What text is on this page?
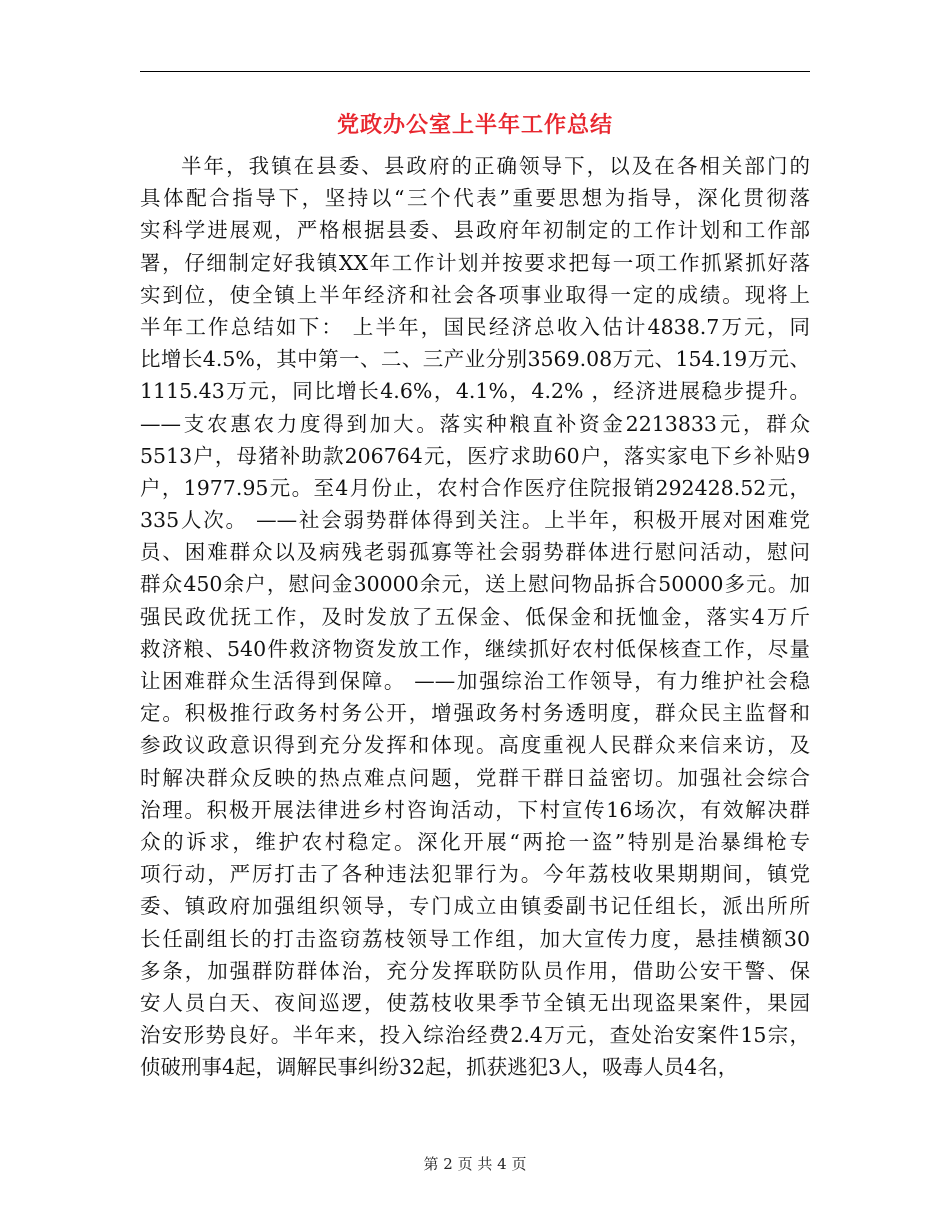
党政办公室上半年工作总结
半年，我镇在县委、县政府的正确领导下，以及在各相关部门的
具体配合指导下，坚持以“三个代表”重要思想为指导，深化贯彻落
实科学进展观，严格根据县委、县政府年初制定的工作计划和工作部
署，仔细制定好我镇XX年工作计划并按要求把每一项工作抓紧抓好落
实到位，使全镇上半年经济和社会各项事业取得一定的成绩。现将上
半年工作总结如下： 上半年，国民经济总收入估计4838.7万元，同
比增长4.5%，其中第一、二、三产业分别3569.08万元、154.19万元、
1115.43万元，同比增长4.6%，4.1%，4.2% ，经济进展稳步提升。
——支农惠农力度得到加大。落实种粮直补资金2213833元，群众
5513户，母猪补助款206764元，医疗求助60户，落实家电下乡补贴9
户，1977.95元。至4月份止，农村合作医疗住院报销292428.52元，
335人次。 ——社会弱势群体得到关注。上半年，积极开展对困难党
员、困难群众以及病残老弱孤寡等社会弱势群体进行慰问活动，慰问
群众450余户，慰问金30000余元，送上慰问物品拆合50000多元。加
强民政优抚工作，及时发放了五保金、低保金和抚恤金，落实4万斤
救济粮、540件救济物资发放工作，继续抓好农村低保核查工作，尽量
让困难群众生活得到保障。 ——加强综治工作领导，有力维护社会稳
定。积极推行政务村务公开，增强政务村务透明度，群众民主监督和
参政议政意识得到充分发挥和体现。高度重视人民群众来信来访，及
时解决群众反映的热点难点问题，党群干群日益密切。加强社会综合
治理。积极开展法律进乡村咨询活动，下村宣传16场次，有效解决群
众的诉求，维护农村稳定。深化开展“两抢一盗”特别是治暴缉枪专
项行动，严厉打击了各种违法犯罪行为。今年荔枝收果期期间，镇党
委、镇政府加强组织领导，专门成立由镇委副书记任组长，派出所所
长任副组长的打击盗窃荔枝领导工作组，加大宣传力度，悬挂横额30
多条，加强群防群体治，充分发挥联防队员作用，借助公安干警、保
安人员白天、夜间巡逻，使荔枝收果季节全镇无出现盗果案件，果园
治安形势良好。半年来，投入综治经费2.4万元，查处治安案件15宗，
侦破刑事4起，调解民事纠纷32起，抓获逃犯3人，吸毒人员4名，
第 2 页 共 4 页
